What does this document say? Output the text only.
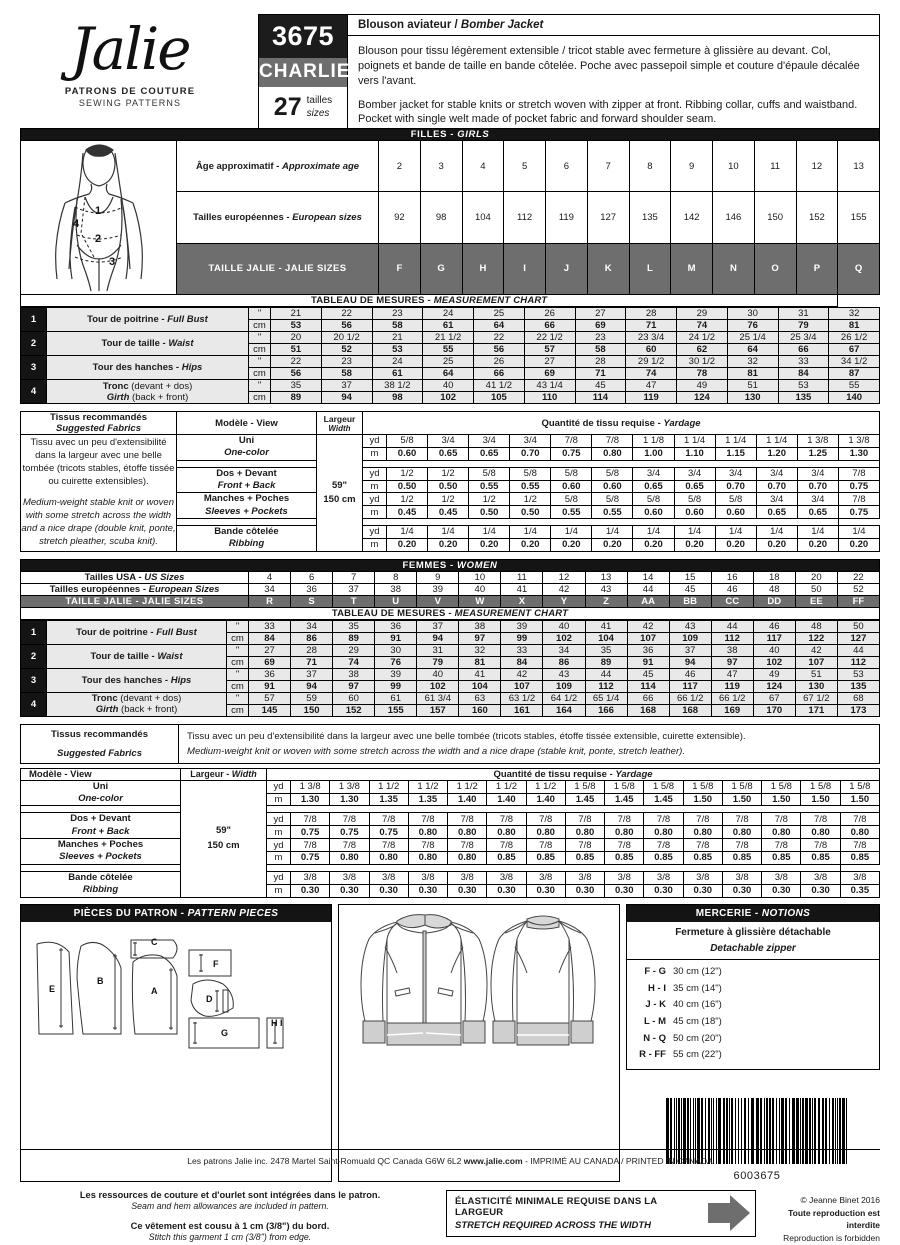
Jalie
PATRONS DE COUTURE
SEWING PATTERNS
3675
CHARLIE
27 tailles
sizes
Blouson aviateur / Bomber Jacket

Blouson pour tissu légèrement extensible / tricot stable avec fermeture à glissière au devant. Col, poignets et bande de taille en bande côtelée. Poche avec passepoil simple et couture d'épaule décalée vers l'avant.

Bomber jacket for stable knits or stretch woven with zipper at front. Ribbing collar, cuffs and waistband. Pocket with single welt made of pocket fabric and forward shoulder seam.

FILLES - GIRLS													

1
4
2
3	Âge approximatif - Approximate age	2	3	4	5	6	7	8	9	10	11	12	13
	Tailles européennes - European sizes	92	98	104	112	119	127	135	142	146	150	152	155
	TAILLE JALIE - JALIE SIZES	F	G	H	I	J	K	L	M	N	O	P	Q
TABLEAU DE MESURES - MEASUREMENT CHART													
1	Tour de poitrine - Full Bust	"	21	22	23	24	25	26	27	28	29	30	31	32
		cm	53	56	58	61	64	66	69	71	74	76	79	81
2	Tour de taille - Waist	"	20	20 1/2	21	21 1/2	22	22 1/2	23	23 3/4	24 1/2	25 1/4	25 3/4	26 1/2
		cm	51	52	53	55	56	57	58	60	62	64	66	67
3	Tour des hanches - Hips	"	22	23	24	25	26	27	28	29 1/2	30 1/2	32	33	34 1/2
		cm	56	58	61	64	66	69	71	74	78	81	84	87
4	Tronc (devant + dos)
Girth (back + front)	"	35	37	38 1/2	40	41 1/2	43 1/4	45	47	49	51	53	55
		cm	89	94	98	102	105	110	114	119	124	130	135	140
Tissus recommandés
Suggested Fabrics	Modèle - View	Largeur
Width	Quantité de tissu requise - Yardage												

Tissu avec un peu d'extensibilité dans la largeur avec une belle tombée (tricots stables, étoffe tissée ou cuirette extensibles).
Medium-weight stable knit or woven with some stretch across the width and a nice drape (double knit, ponte, stretch pleather, scuba knit).	Uni
One-color	59"
150 cm	yd	5/8	3/4	3/4	3/4	7/8	7/8	1 1/8	1 1/4	1 1/4	1 1/4	1 3/8	1 3/8
			m	0.60	0.65	0.65	0.70	0.75	0.80	1.00	1.10	1.15	1.20	1.25	1.30

	Dos + Devant
Front + Back		yd	1/2	1/2	5/8	5/8	5/8	5/8	3/4	3/4	3/4	3/4	3/4	7/8
			m	0.50	0.50	0.55	0.55	0.60	0.60	0.65	0.65	0.70	0.70	0.70	0.75
	Manches + Poches
Sleeves + Pockets		yd	1/2	1/2	1/2	1/2	5/8	5/8	5/8	5/8	5/8	3/4	3/4	7/8
			m	0.45	0.45	0.50	0.50	0.55	0.55	0.60	0.60	0.60	0.65	0.65	0.75

	Bande côtelée
Ribbing		yd	1/4	1/4	1/4	1/4	1/4	1/4	1/4	1/4	1/4	1/4	1/4	1/4
			m	0.20	0.20	0.20	0.20	0.20	0.20	0.20	0.20	0.20	0.20	0.20	0.20
FEMMES - WOMEN															
Tailles USA - US Sizes	4	6	7	8	9	10	11	12	13	14	15	16	18	20	22
Tailles européennes - European Sizes	34	36	37	38	39	40	41	42	43	44	45	46	48	50	52
TAILLE JALIE - JALIE SIZES	R	S	T	U	V	W	X	Y	Z	AA	BB	CC	DD	EE	FF
TABLEAU DE MESURES - MEASUREMENT CHART															
1	Tour de poitrine - Full Bust	"	33	34	35	36	37	38	39	40	41	42	43	44	46	48	50
		cm	84	86	89	91	94	97	99	102	104	107	109	112	117	122	127
2	Tour de taille - Waist	"	27	28	29	30	31	32	33	34	35	36	37	38	40	42	44
		cm	69	71	74	76	79	81	84	86	89	91	94	97	102	107	112
3	Tour des hanches - Hips	"	36	37	38	39	40	41	42	43	44	45	46	47	49	51	53
		cm	91	94	97	99	102	104	107	109	112	114	117	119	124	130	135
4	Tronc (devant + dos)
Girth (back + front)	"	57	59	60	61	61 3/4	63	63 1/2	64 1/2	65 1/4	66	66 1/2	66 1/2	67	67 1/2	68
		cm	145	150	152	155	157	160	161	164	166	168	168	169	170	171	173
Tissus recommandés	Tissu avec un peu d'extensibilité dans la largeur avec une belle tombée (tricots stables, étoffe tissée extensible, cuirette extensible).

Suggested Fabrics	Medium-weight knit or woven with some stretch across the width and a nice drape (stable knit, ponte, stretch leather).
Modèle - View	Largeur - Width	Quantité de tissu requise - Yardage															
Uni
One-color	59"
150 cm	yd	1 3/8	1 3/8	1 1/2	1 1/2	1 1/2	1 1/2	1 1/2	1 5/8	1 5/8	1 5/8	1 5/8	1 5/8	1 5/8	1 5/8	1 5/8
		m	1.30	1.30	1.35	1.35	1.40	1.40	1.40	1.45	1.45	1.45	1.50	1.50	1.50	1.50	1.50

Dos + Devant
Front + Back		yd	7/8	7/8	7/8	7/8	7/8	7/8	7/8	7/8	7/8	7/8	7/8	7/8	7/8	7/8	7/8
		m	0.75	0.75	0.75	0.80	0.80	0.80	0.80	0.80	0.80	0.80	0.80	0.80	0.80	0.80	0.80
Manches + Poches
Sleeves + Pockets		yd	7/8	7/8	7/8	7/8	7/8	7/8	7/8	7/8	7/8	7/8	7/8	7/8	7/8	7/8	7/8
		m	0.75	0.80	0.80	0.80	0.80	0.85	0.85	0.85	0.85	0.85	0.85	0.85	0.85	0.85	0.85

Bande côtelée
Ribbing		yd	3/8	3/8	3/8	3/8	3/8	3/8	3/8	3/8	3/8	3/8	3/8	3/8	3/8	3/8	3/8
		m	0.30	0.30	0.30	0.30	0.30	0.30	0.30	0.30	0.30	0.30	0.30	0.30	0.30	0.30	0.35
PIÈCES DU PATRON - PATTERN PIECES
E
B
C
A
F
D
G
H I
MERCERIE - NOTIONS
Fermeture à glissière détachable
Detachable zipper
F - G 30 cm (12")
H - I 35 cm (14")
J - K 40 cm (16")
L - M 45 cm (18")
N - Q 50 cm (20")
R - FF 55 cm (22")
6003675
Les ressources de couture et d'ourlet sont intégrées dans le patron.
Seam and hem allowances are included in pattern.
Ce vêtement est cousu à 1 cm (3/8") du bord.
Stitch this garment 1 cm (3/8") from edge.
ÉLASTICITÉ MINIMALE REQUISE DANS LA LARGEUR
STRETCH REQUIRED ACROSS THE WIDTH
© Jeanne Binet 2016
Toute reproduction est interdite
Reproduction is forbidden
Les patrons Jalie inc. 2478 Martel Saint-Romuald QC Canada G6W 6L2 www.jalie.com - IMPRIMÉ AU CANADA / PRINTED IN CANADA
